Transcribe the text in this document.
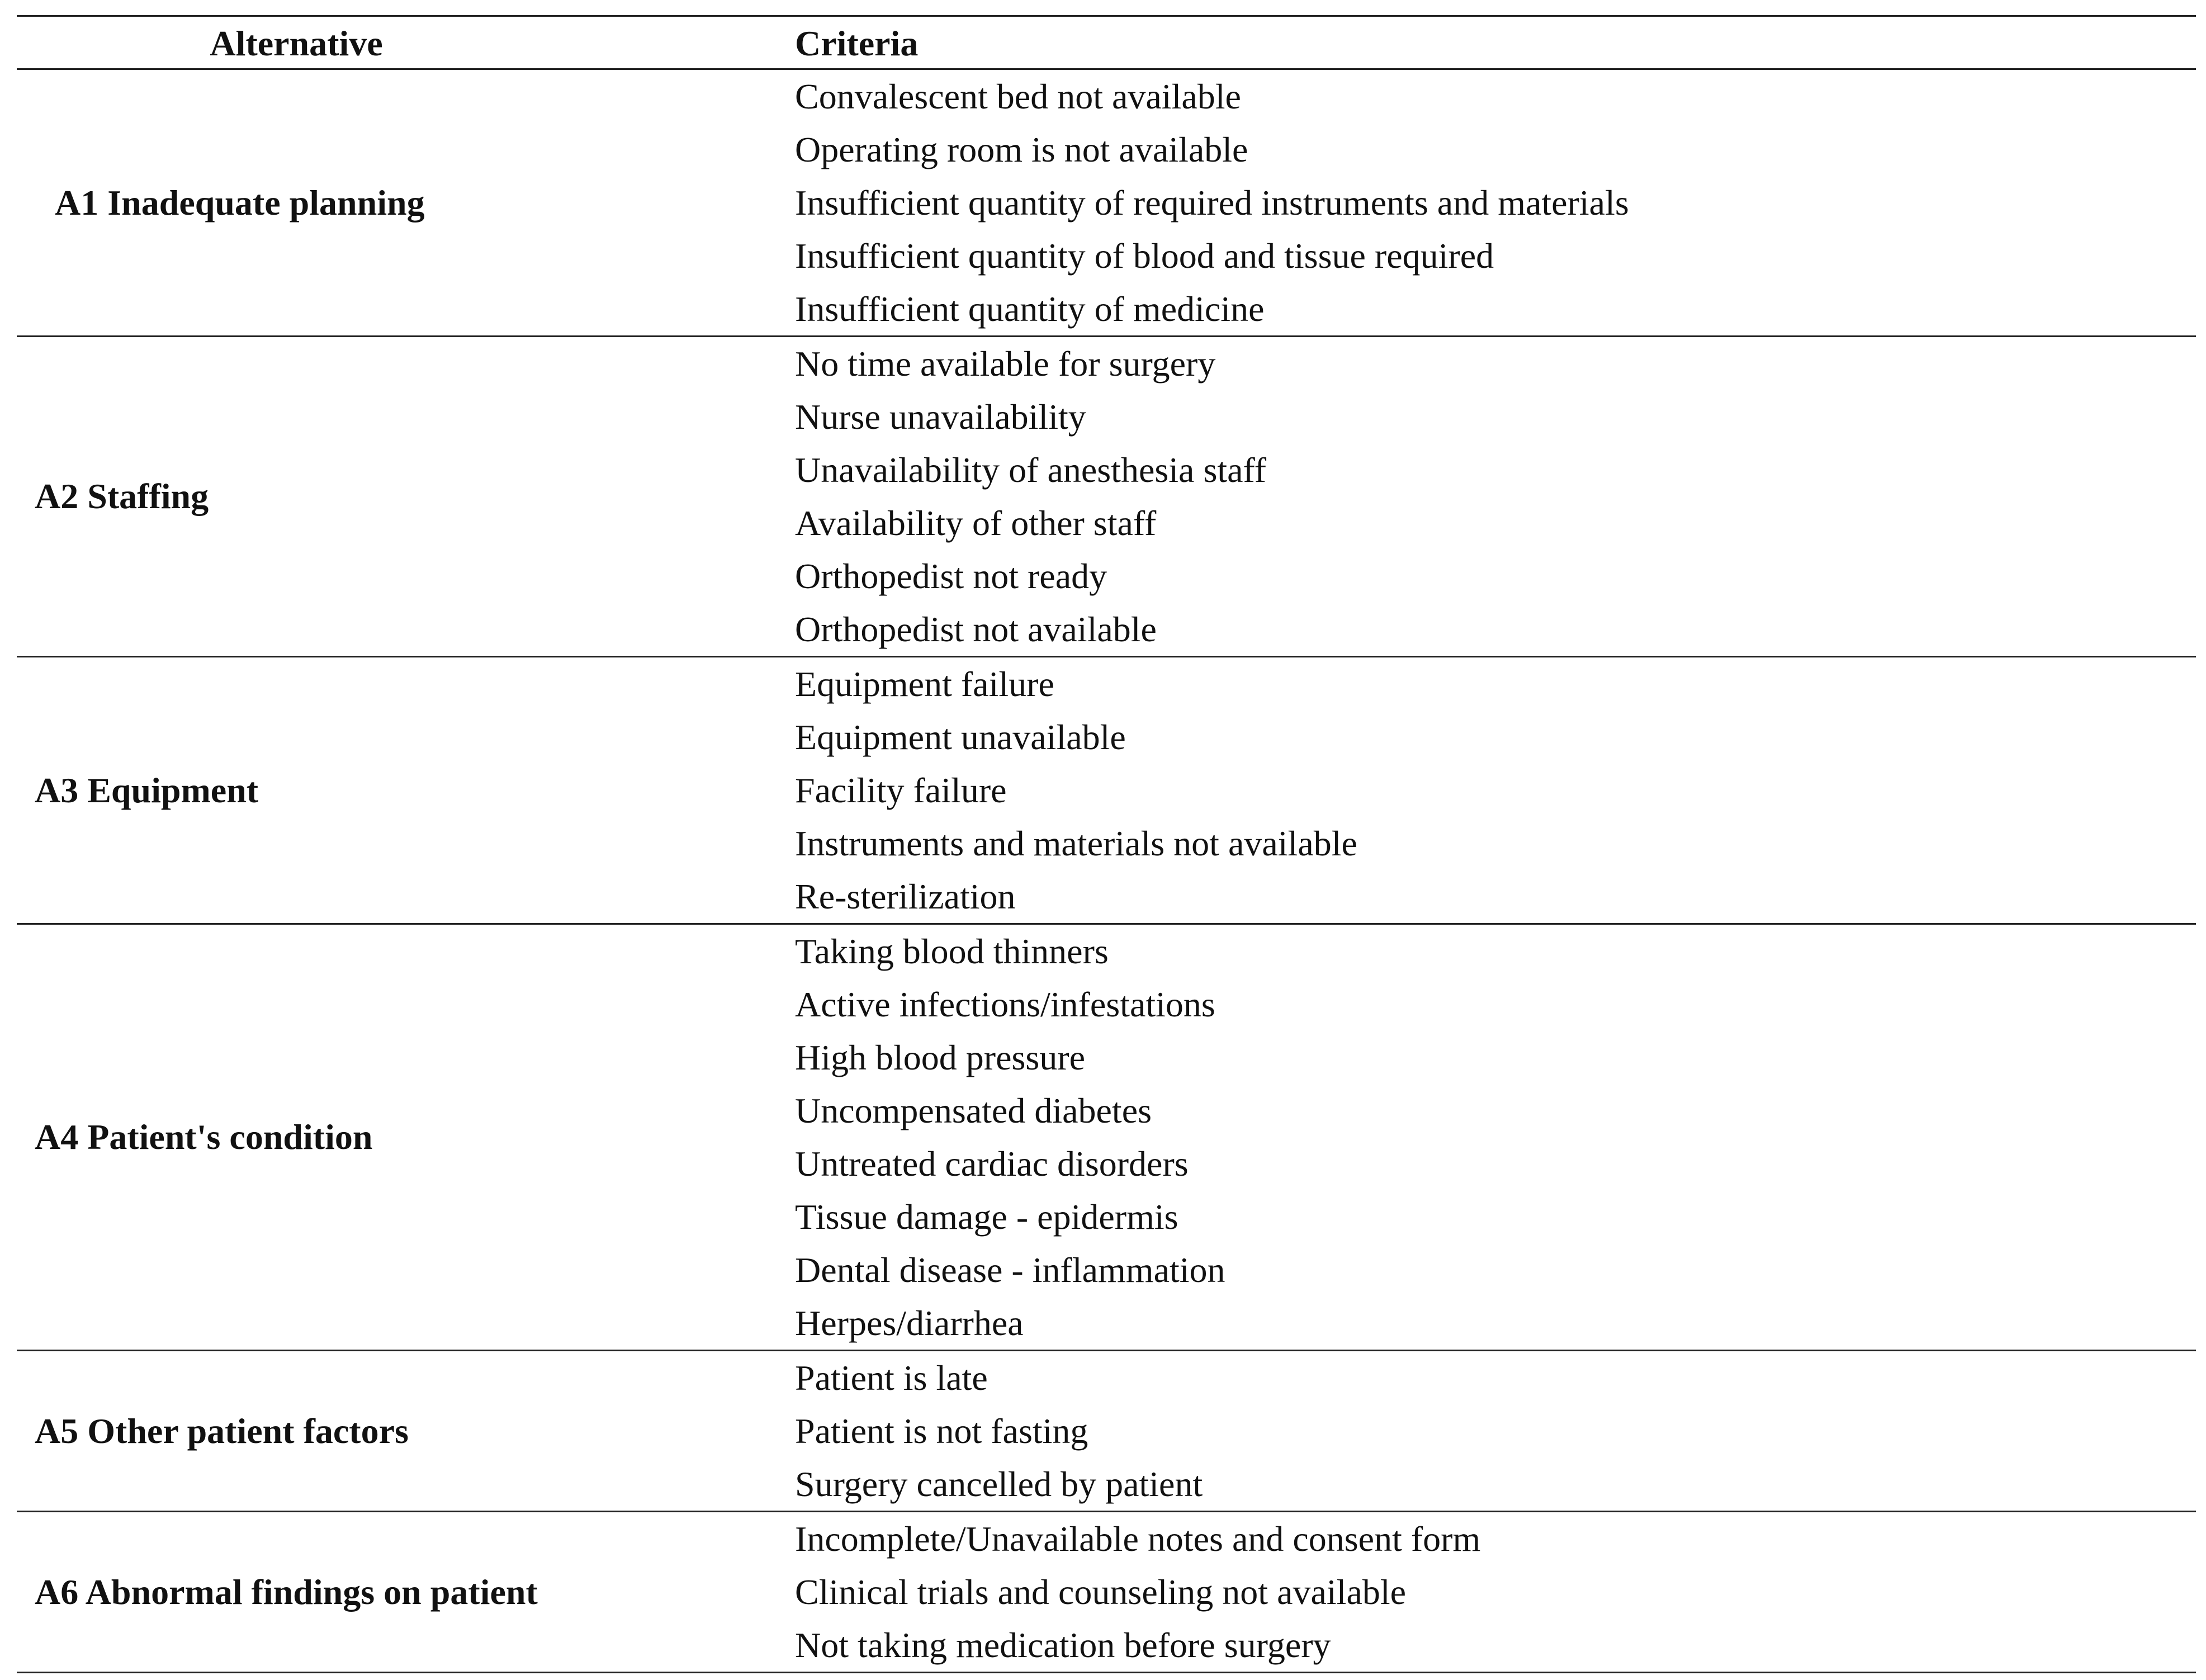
Alternative	Criteria
A1 Inadequate planning
Convalescent bed not available
Operating room is not available
Insufficient quantity of required instruments and materials
Insufficient quantity of blood and tissue required
Insufficient quantity of medicine
A2 Staffing
No time available for surgery
Nurse unavailability
Unavailability of anesthesia staff
Availability of other staff
Orthopedist not ready
Orthopedist not available
A3 Equipment
Equipment failure
Equipment unavailable
Facility failure
Instruments and materials not available
Re-sterilization
A4 Patient's condition
Taking blood thinners
Active infections/infestations
High blood pressure
Uncompensated diabetes
Untreated cardiac disorders
Tissue damage - epidermis
Dental disease - inflammation
Herpes/diarrhea
A5 Other patient factors
Patient is late
Patient is not fasting
Surgery cancelled by patient
A6 Abnormal findings on patient
Incomplete/Unavailable notes and consent form
Clinical trials and counseling not available
Not taking medication before surgery
